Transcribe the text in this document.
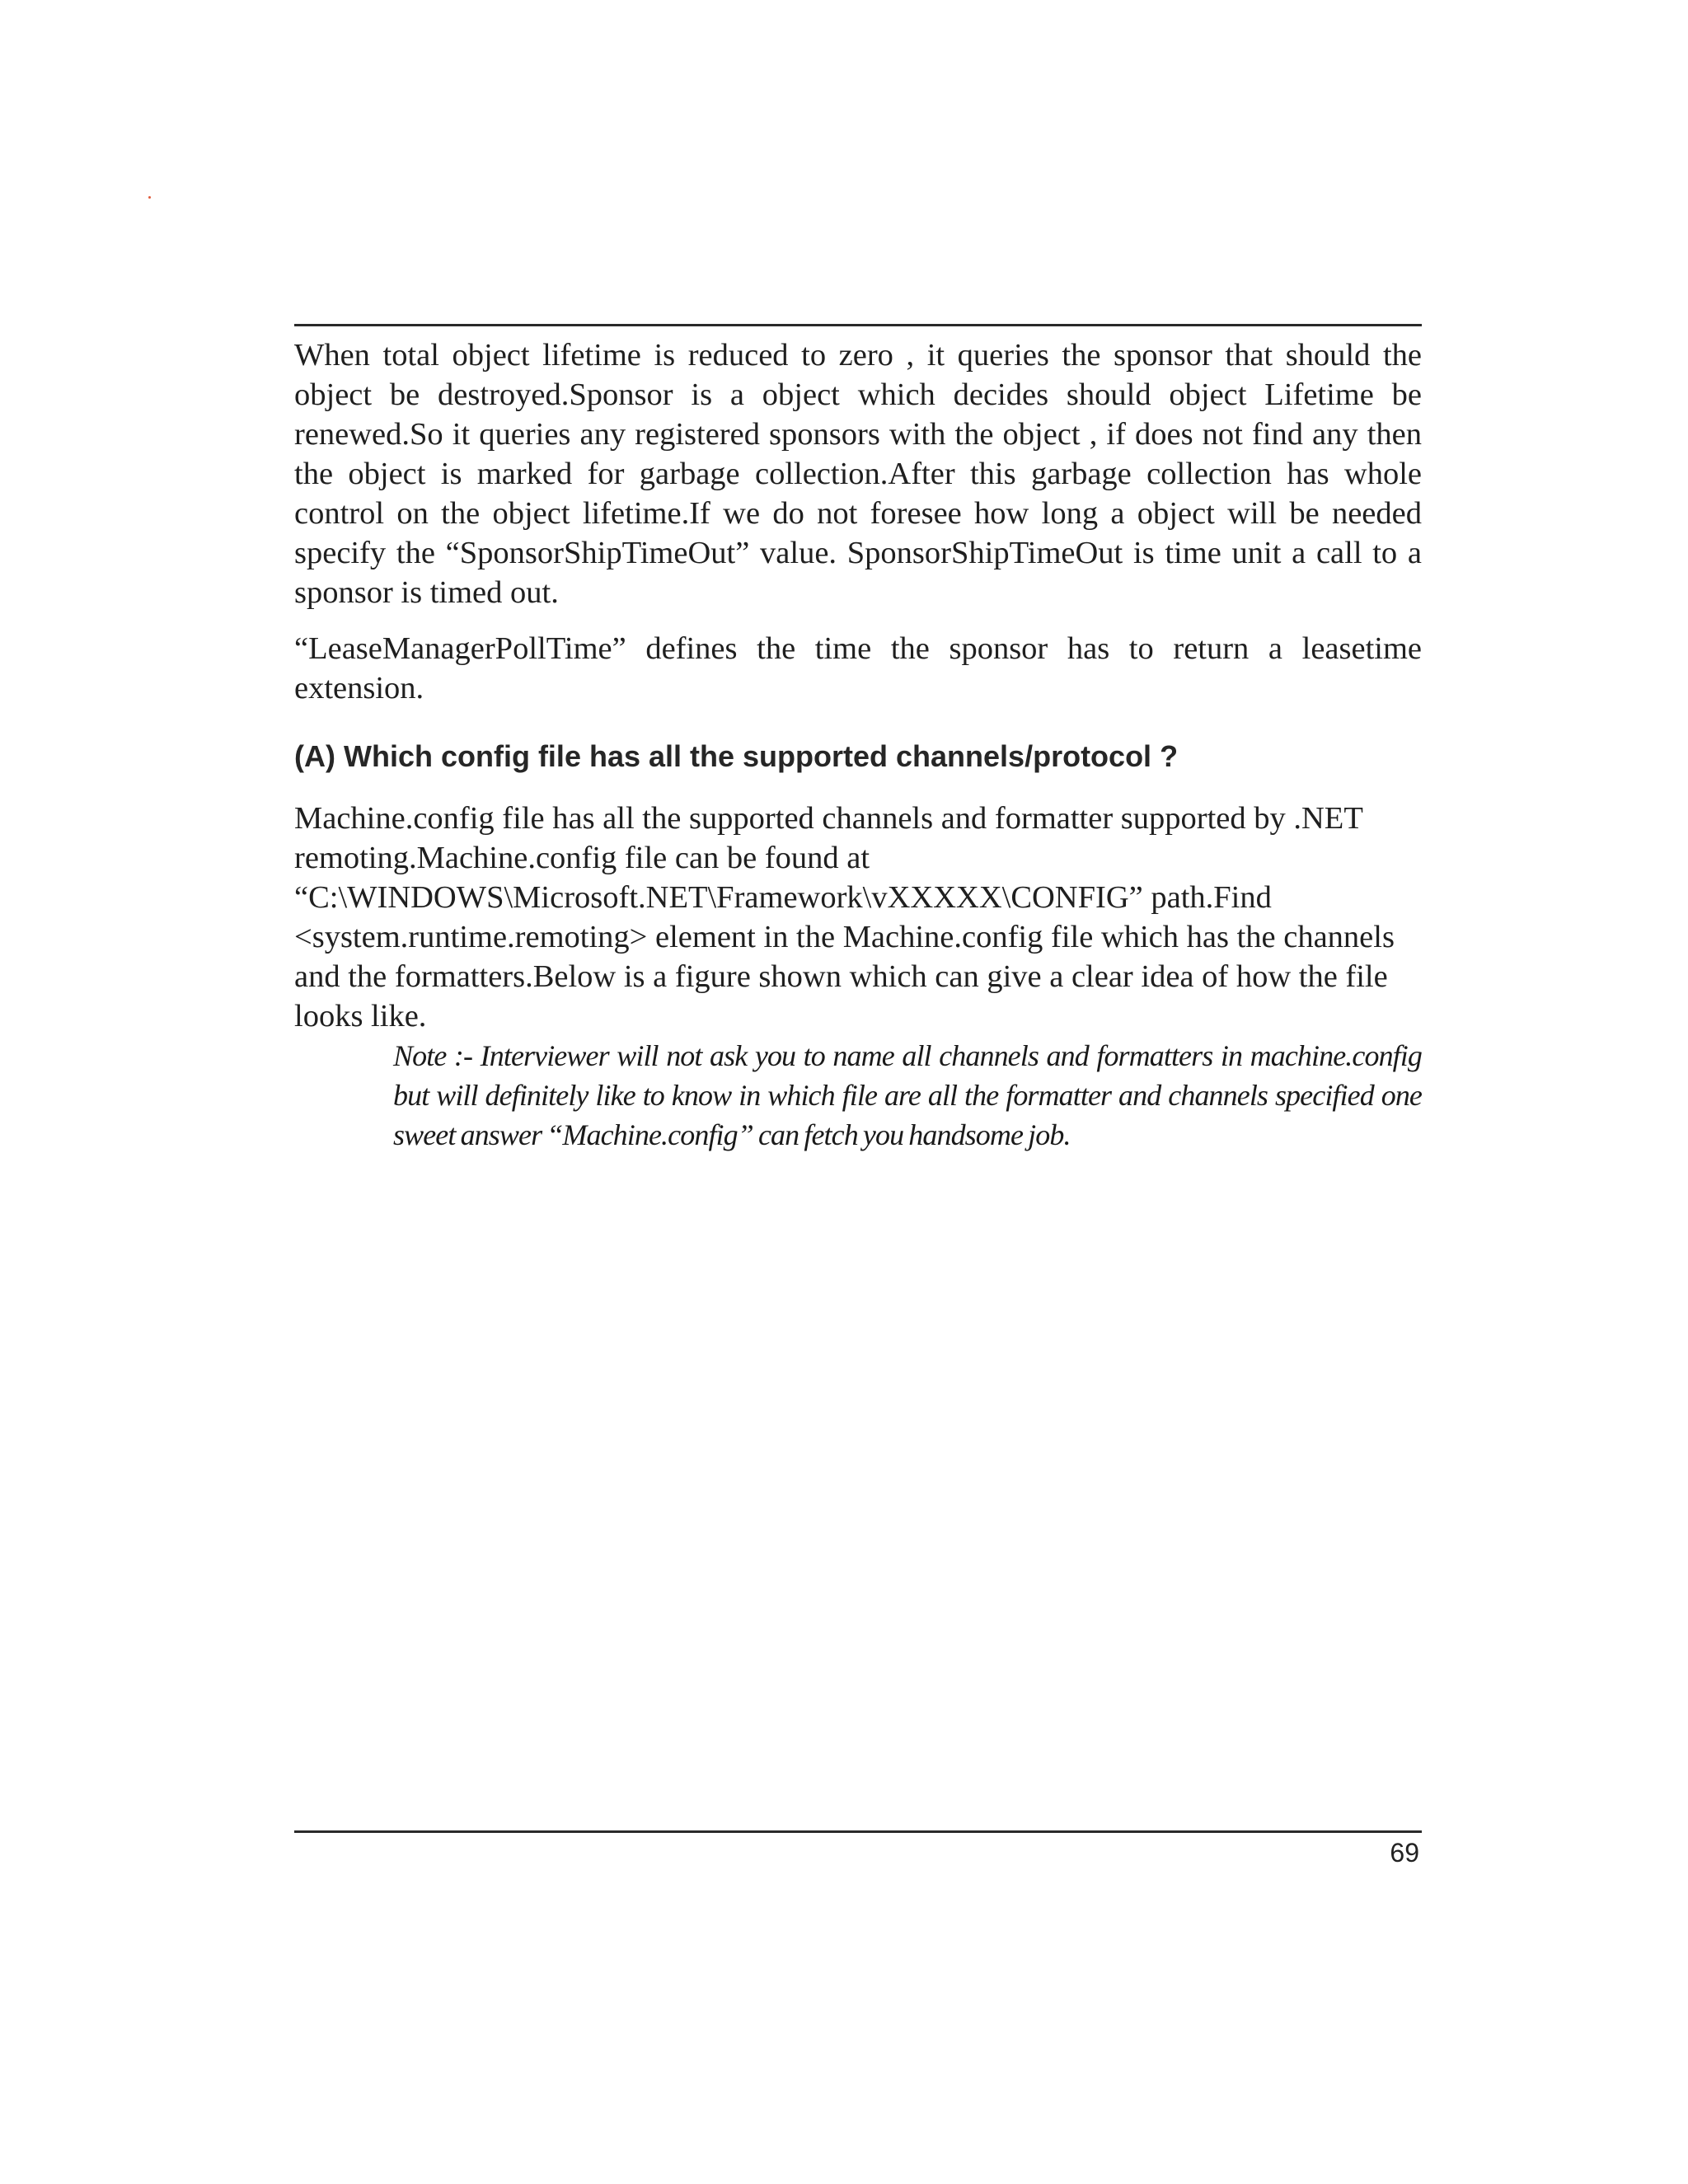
When total object lifetime is reduced to zero , it queries the sponsor that should the object be destroyed.Sponsor is a object which decides should object Lifetime be renewed.So it queries any registered sponsors with the object , if does not find any then the object is marked for garbage collection.After this garbage collection has whole control on the object lifetime.If we do not foresee how long a object will be needed specify the “SponsorShipTimeOut” value. SponsorShipTimeOut is time unit a call to a sponsor is timed out.

“LeaseManagerPollTime” defines the time the sponsor has to return a leasetime extension.

(A) Which config file has all the supported channels/protocol ?

Machine.config file has all the supported channels and formatter supported by .NET
remoting.Machine.config file can be found at
“C:\WINDOWS\Microsoft.NET\Framework\vXXXXX\CONFIG” path.Find
<system.runtime.remoting> element in the Machine.config file which has the channels
and the formatters.Below is a figure shown which can give a clear idea of how the file
looks like.

Note :- Interviewer will not ask you to name all channels and formatters in machine.config but will definitely like to know in which file are all the formatter and channels specified one sweet answer “Machine.config” can fetch you handsome job.

69
